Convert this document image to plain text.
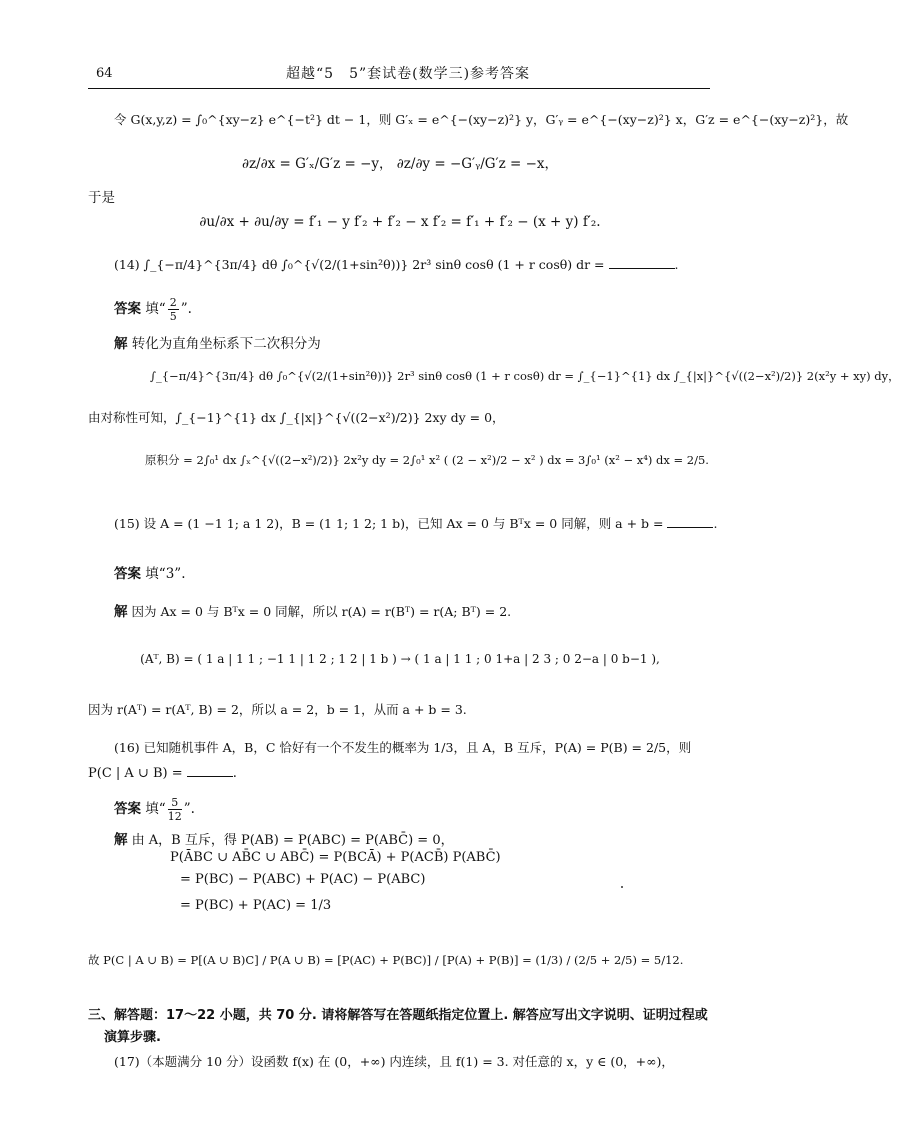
64	超越“5　5”套试卷(数学三)参考答案
令 G(x,y,z) = ∫₀^{xy−z} e^{−t²} dt − 1，则 G′ₓ = e^{−(xy−z)²} y，G′ᵧ = e^{−(xy−z)²} x，G′z = e^{−(xy−z)²}，故
∂z/∂x = G′ₓ/G′z = −y， ∂z/∂y = −G′ᵧ/G′z = −x，
于是
∂u/∂x + ∂u/∂y = f′₁ − y f′₂ + f′₂ − x f′₂ = f′₁ + f′₂ − (x + y) f′₂.
(14) ∫_{−π/4}^{3π/4} dθ ∫₀^{√(2/(1+sin²θ))} 2r³ sinθ cosθ (1 + r cosθ) dr =	.
答案 填“ $\frac{2}{5}$ ”.
解 转化为直角坐标系下二次积分为
∫_{−π/4}^{3π/4} dθ ∫₀^{√(2/(1+sin²θ))} 2r³ sinθ cosθ (1 + r cosθ) dr = ∫_{−1}^{1} dx ∫_{|x|}^{√((2−x²)/2)} 2(x²y + xy) dy，
由对称性可知，∫_{−1}^{1} dx ∫_{|x|}^{√((2−x²)/2)} 2xy dy = 0，
原积分 = 2∫₀¹ dx ∫ₓ^{√((2−x²)/2)} 2x²y dy = 2∫₀¹ x² ( (2 − x²)/2 − x² ) dx = 3∫₀¹ (x² − x⁴) dx = 2/5.
(15) 设 A = (1 −1 1; a 1 2)，B = (1 1; 1 2; 1 b)，已知 Ax = 0 与 Bᵀx = 0 同解，则 a + b =	.
答案 填“3”.
解 因为 Ax = 0 与 Bᵀx = 0 同解，所以 r(A) = r(Bᵀ) = r(A; Bᵀ) = 2.
(Aᵀ, B) = ( 1 a | 1 1 ; −1 1 | 1 2 ; 1 2 | 1 b ) → ( 1 a | 1 1 ; 0 1+a | 2 3 ; 0 2−a | 0 b−1 ),
因为 r(Aᵀ) = r(Aᵀ, B) = 2，所以 a = 2，b = 1，从而 a + b = 3.
(16) 已知随机事件 A，B，C 恰好有一个不发生的概率为 1/3，且 A，B 互斥，P(A) = P(B) = 2/5，则
P(C | A ∪ B) =	.
答案 填“ $\frac{5}{12}$ ”.
解 由 A，B 互斥，得 P(AB) = P(ABC) = P(ABC̄) = 0，
P(ĀBC ∪ AB̄C ∪ ABC̄) = P(BCĀ) + P(ACB̄) P(ABC̄)
= P(BC) − P(ABC) + P(AC) − P(ABC)
= P(BC) + P(AC) = 1/3
故 P(C | A ∪ B) = P[(A ∪ B)C] / P(A ∪ B) = [P(AC) + P(BC)] / [P(A) + P(B)] = (1/3) / (2/5 + 2/5) = 5/12.
三、解答题：17～22 小题，共 70 分. 请将解答写在答题纸指定位置上. 解答应写出文字说明、证明过程或
演算步骤.
(17)（本题满分 10 分）设函数 f(x) 在 (0，+∞) 内连续，且 f(1) = 3. 对任意的 x，y ∈ (0，+∞)，
